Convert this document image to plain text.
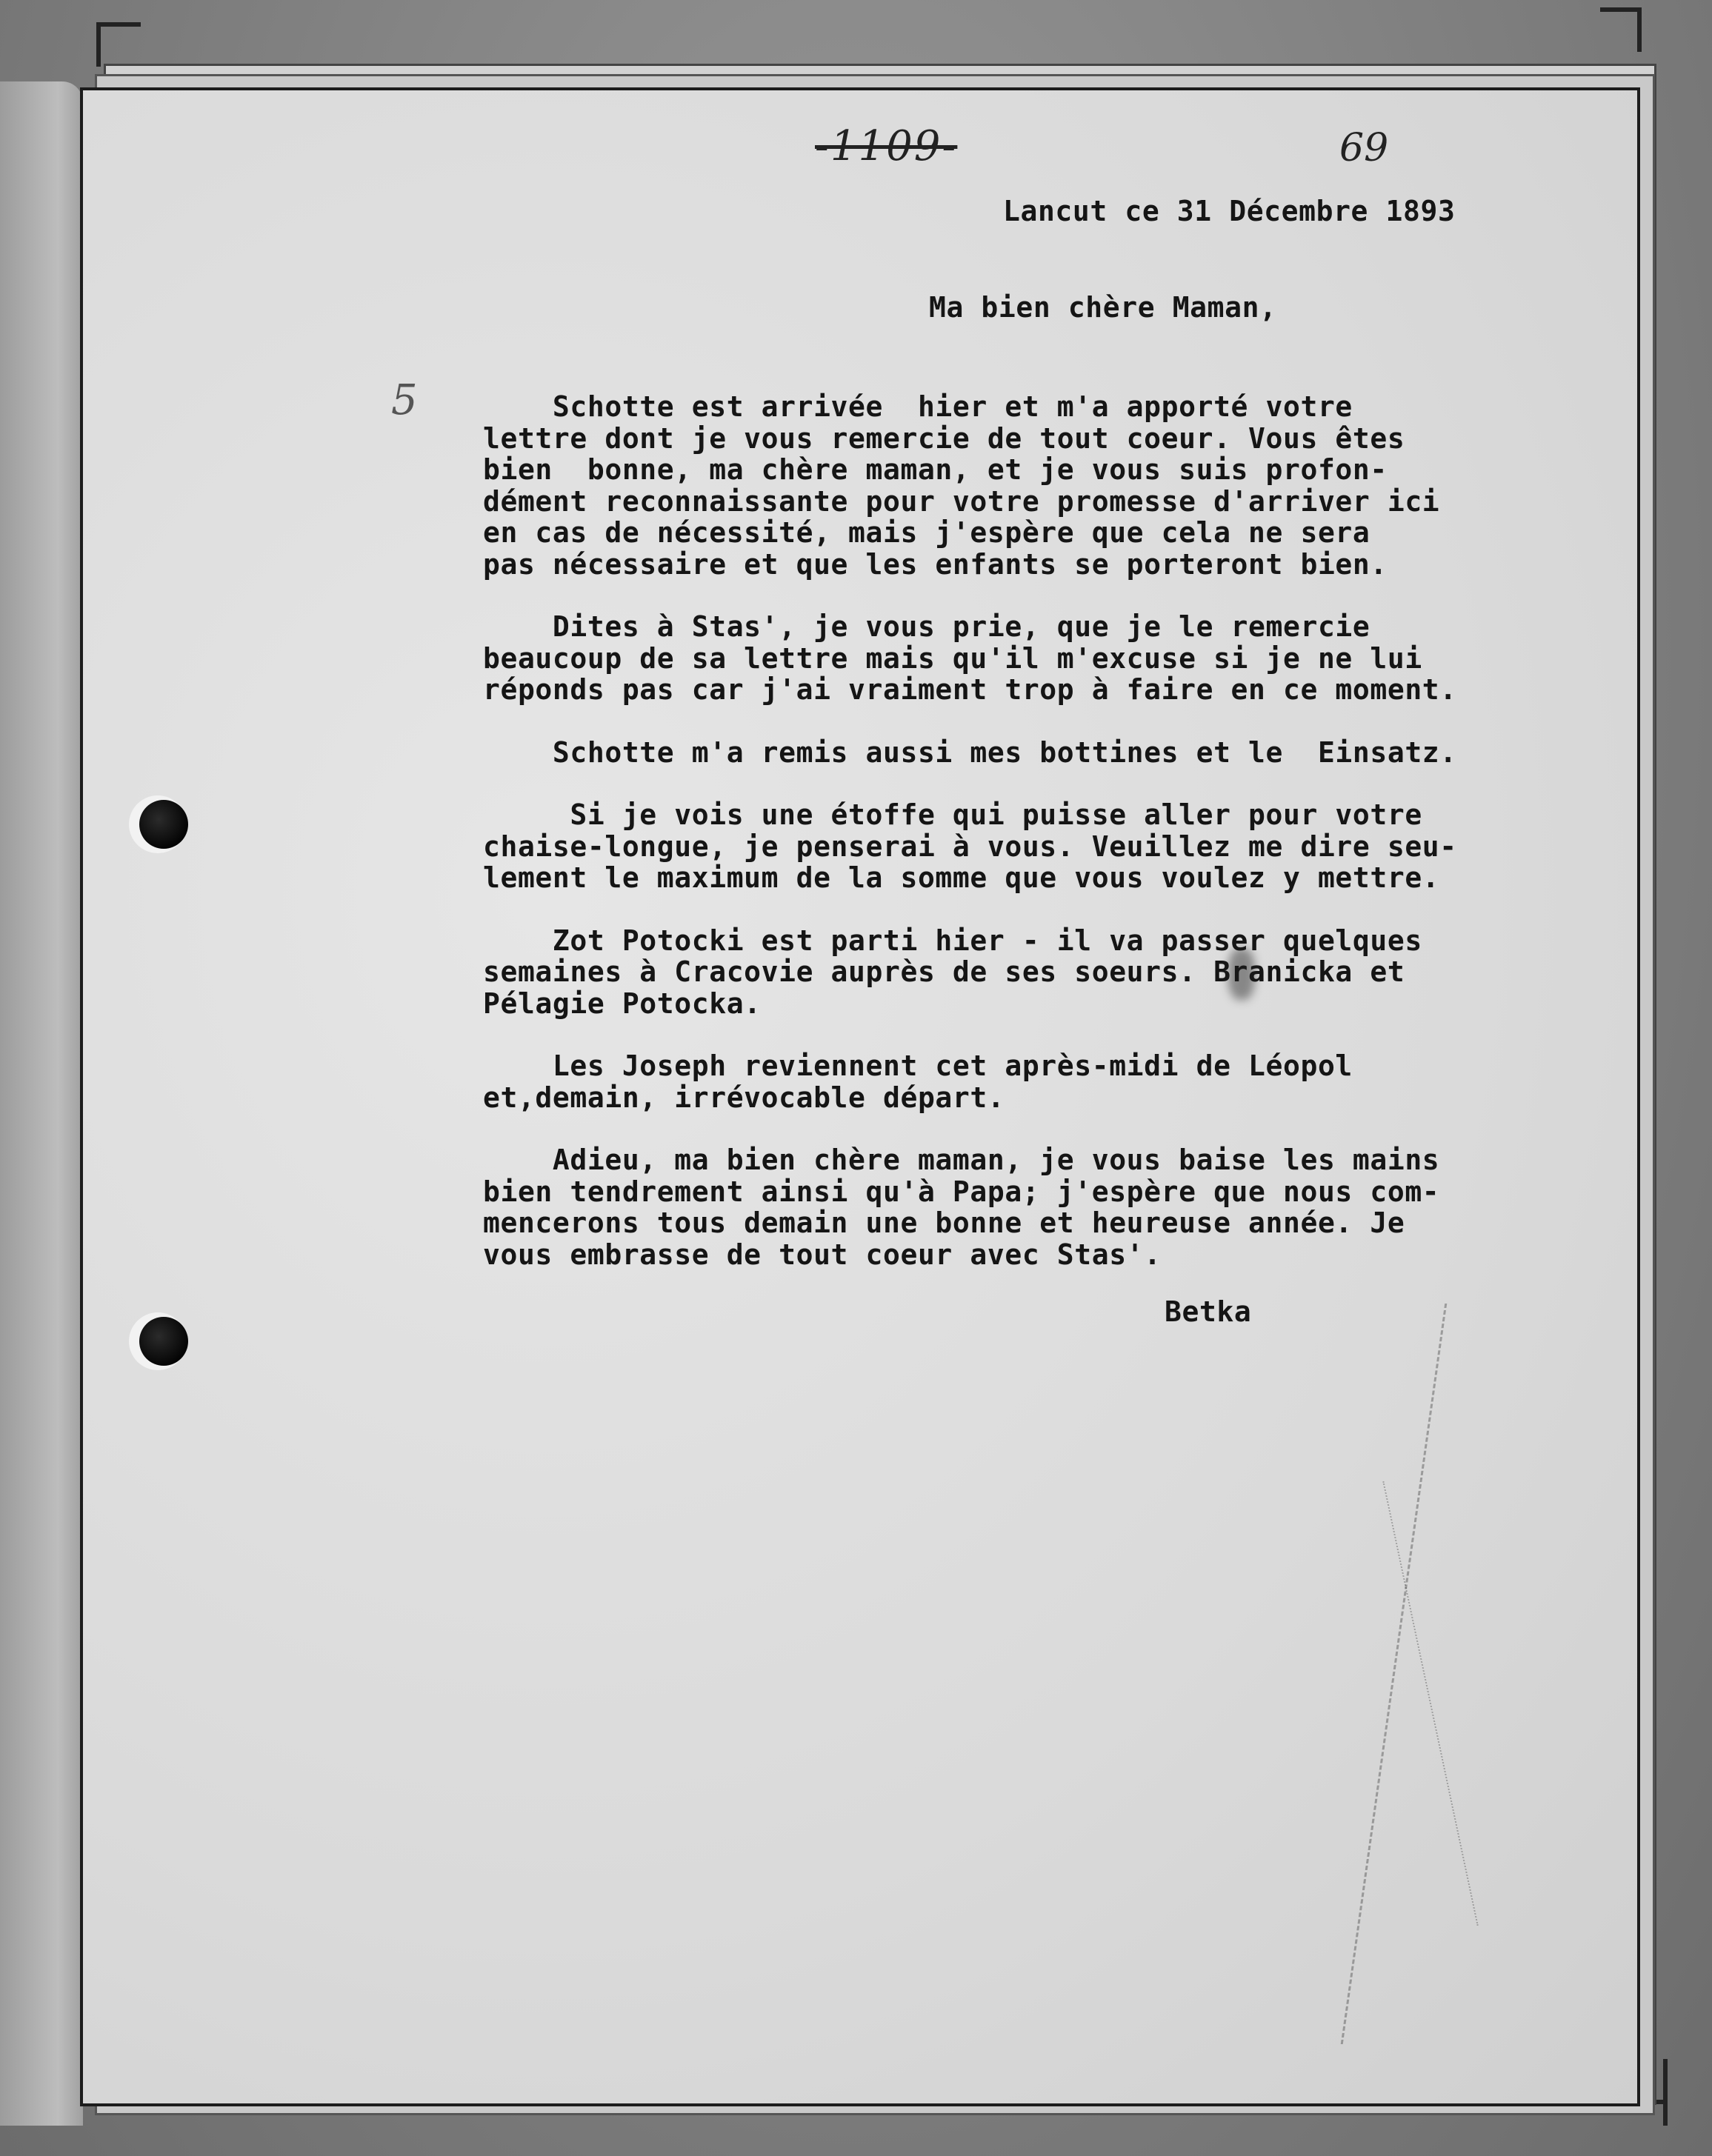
-1109-	69
5
Lancut ce 31 Décembre 1893
Ma bien chère Maman,
Schotte est arrivée  hier et m'a apporté votre
lettre dont je vous remercie de tout coeur. Vous êtes
bien  bonne, ma chère maman, et je vous suis profon-
dément reconnaissante pour votre promesse d'arriver ici
en cas de nécessité, mais j'espère que cela ne sera
pas nécessaire et que les enfants se porteront bien.
Dites à Stas', je vous prie, que je le remercie
beaucoup de sa lettre mais qu'il m'excuse si je ne lui
réponds pas car j'ai vraiment trop à faire en ce moment.
Schotte m'a remis aussi mes bottines et le  Einsatz.
Si je vois une étoffe qui puisse aller pour votre
chaise-longue, je penserai à vous. Veuillez me dire seu-
lement le maximum de la somme que vous voulez y mettre.
Zot Potocki est parti hier - il va passer quelques
semaines à Cracovie auprès de ses soeurs. Branicka et
Pélagie Potocka.
Les Joseph reviennent cet après-midi de Léopol
et,demain, irrévocable départ.
Adieu, ma bien chère maman, je vous baise les mains
bien tendrement ainsi qu'à Papa; j'espère que nous com-
mencerons tous demain une bonne et heureuse année. Je
vous embrasse de tout coeur avec Stas'.
Betka
